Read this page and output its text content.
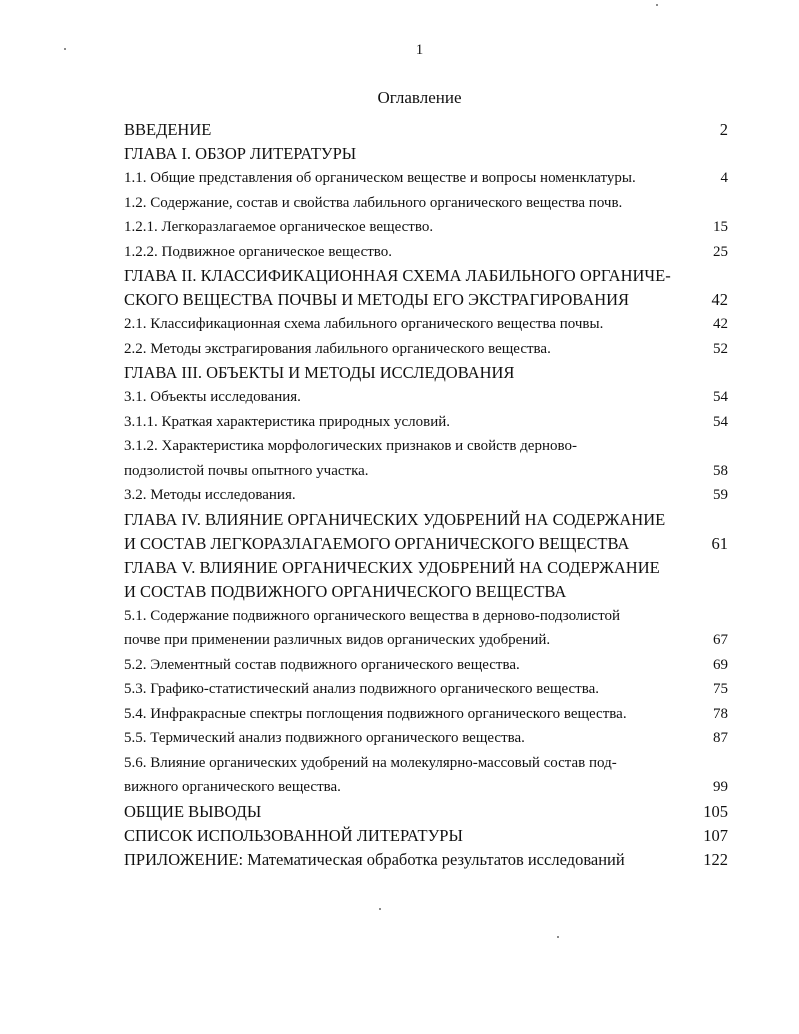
1
Оглавление
ВВЕДЕНИЕ	2
ГЛАВА I. ОБЗОР ЛИТЕРАТУРЫ
1.1. Общие представления об органическом веществе и вопросы номенклатуры.	4
1.2. Содержание, состав и свойства лабильного органического вещества почв.
1.2.1. Легкоразлагаемое органическое вещество.	15
1.2.2. Подвижное органическое вещество.	25
ГЛАВА II. КЛАССИФИКАЦИОННАЯ СХЕМА ЛАБИЛЬНОГО ОРГАНИЧЕ-
СКОГО ВЕЩЕСТВА ПОЧВЫ И МЕТОДЫ ЕГО ЭКСТРАГИРОВАНИЯ	42
2.1. Классификационная схема лабильного органического вещества почвы.	42
2.2. Методы экстрагирования лабильного органического вещества.	52
ГЛАВА III. ОБЪЕКТЫ И МЕТОДЫ ИССЛЕДОВАНИЯ
3.1. Объекты исследования.	54
3.1.1. Краткая характеристика природных условий.	54
3.1.2. Характеристика морфологических признаков и свойств дерново-
подзолистой почвы опытного участка.	58
3.2. Методы исследования.	59
ГЛАВА IV. ВЛИЯНИЕ ОРГАНИЧЕСКИХ УДОБРЕНИЙ НА СОДЕРЖАНИЕ
И СОСТАВ ЛЕГКОРАЗЛАГАЕМОГО ОРГАНИЧЕСКОГО ВЕЩЕСТВА	61
ГЛАВА V. ВЛИЯНИЕ ОРГАНИЧЕСКИХ УДОБРЕНИЙ НА СОДЕРЖАНИЕ
И СОСТАВ ПОДВИЖНОГО ОРГАНИЧЕСКОГО ВЕЩЕСТВА
5.1. Содержание подвижного органического вещества в дерново-подзолистой
почве при применении различных видов органических удобрений.	67
5.2. Элементный состав подвижного органического вещества.	69
5.3. Графико-статистический анализ подвижного органического вещества.	75
5.4. Инфракрасные спектры поглощения подвижного органического вещества.	78
5.5. Термический анализ подвижного органического вещества.	87
5.6. Влияние органических удобрений на молекулярно-массовый состав под-
вижного органического вещества.	99
ОБЩИЕ ВЫВОДЫ	105
СПИСОК ИСПОЛЬЗОВАННОЙ ЛИТЕРАТУРЫ	107
ПРИЛОЖЕНИЕ: Математическая обработка результатов исследований	122
